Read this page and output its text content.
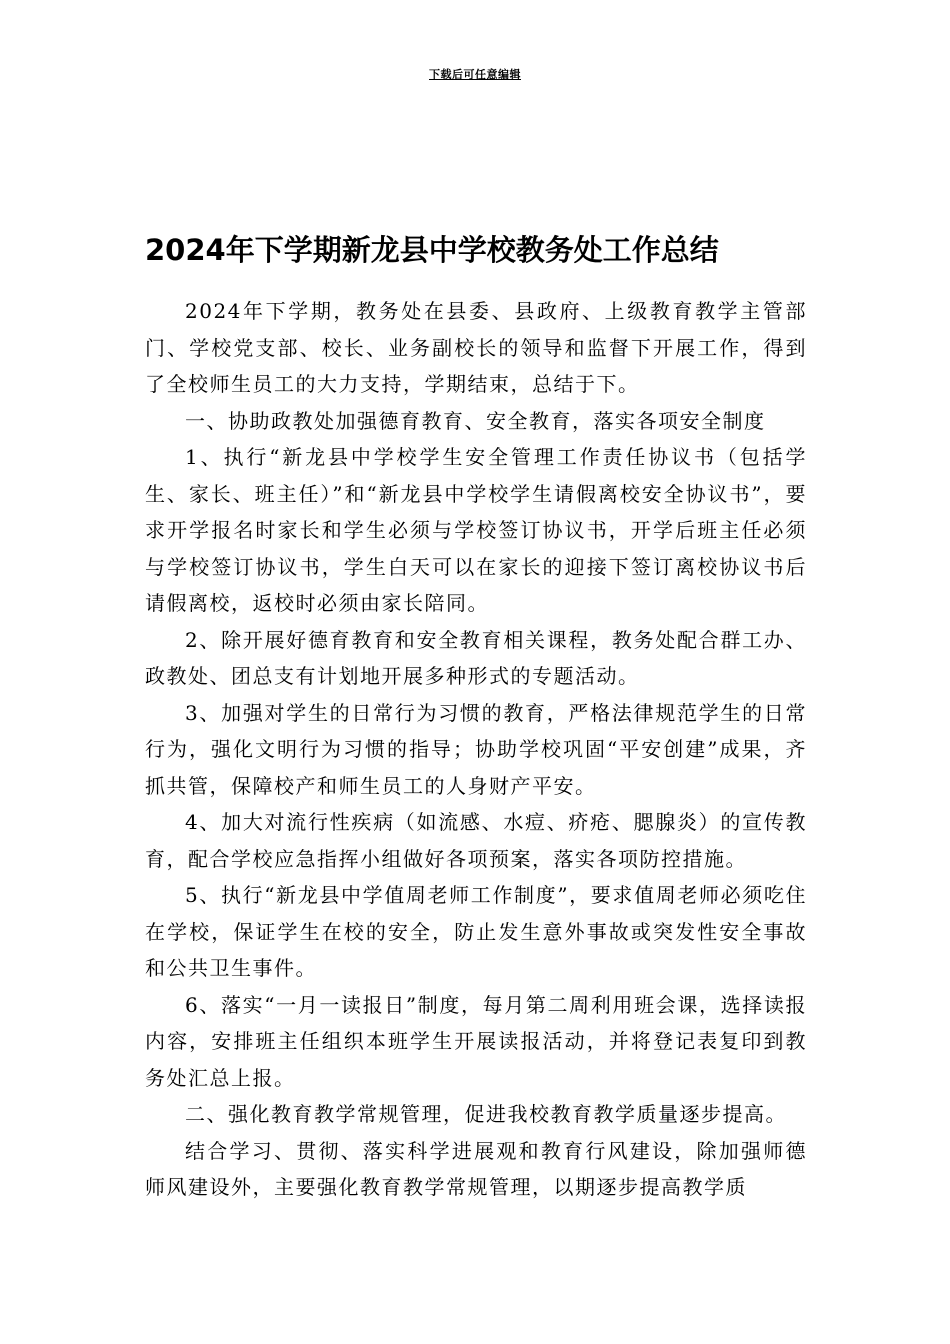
下载后可任意编辑
2024年下学期新龙县中学校教务处工作总结

2024年下学期，教务处在县委、县政府、上级教育教学主管部门、学校党支部、校长、业务副校长的领导和监督下开展工作，得到了全校师生员工的大力支持，学期结束，总结于下。

一、协助政教处加强德育教育、安全教育，落实各项安全制度

1、执行“新龙县中学校学生安全管理工作责任协议书（包括学生、家长、班主任）”和“新龙县中学校学生请假离校安全协议书”，要求开学报名时家长和学生必须与学校签订协议书，开学后班主任必须与学校签订协议书，学生白天可以在家长的迎接下签订离校协议书后请假离校，返校时必须由家长陪同。

2、除开展好德育教育和安全教育相关课程，教务处配合群工办、政教处、团总支有计划地开展多种形式的专题活动。

3、加强对学生的日常行为习惯的教育，严格法律规范学生的日常行为，强化文明行为习惯的指导；协助学校巩固“平安创建”成果，齐抓共管，保障校产和师生员工的人身财产平安。

4、加大对流行性疾病（如流感、水痘、疥疮、腮腺炎）的宣传教育，配合学校应急指挥小组做好各项预案，落实各项防控措施。

5、执行“新龙县中学值周老师工作制度”，要求值周老师必须吃住在学校，保证学生在校的安全，防止发生意外事故或突发性安全事故和公共卫生事件。

6、落实“一月一读报日”制度，每月第二周利用班会课，选择读报内容，安排班主任组织本班学生开展读报活动，并将登记表复印到教务处汇总上报。

二、强化教育教学常规管理，促进我校教育教学质量逐步提高。

结合学习、贯彻、落实科学进展观和教育行风建设，除加强师德师风建设外，主要强化教育教学常规管理，以期逐步提高教学质
